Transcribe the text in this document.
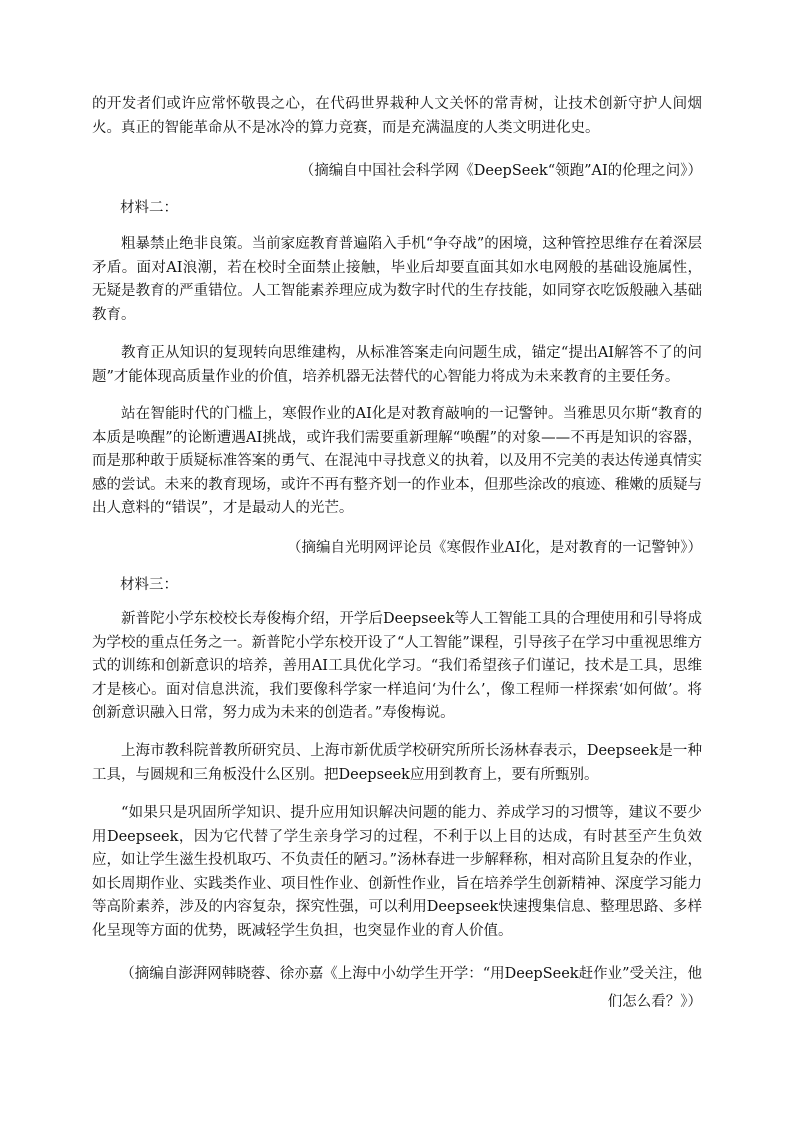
的开发者们或许应常怀敬畏之心，在代码世界栽种人文关怀的常青树，让技术创新守护人间烟火。真正的智能革命从不是冰冷的算力竞赛，而是充满温度的人类文明进化史。

（摘编自中国社会科学网《DeepSeek“领跑”AI的伦理之问》）
材料二：

粗暴禁止绝非良策。当前家庭教育普遍陷入手机“争夺战”的困境，这种管控思维存在着深层矛盾。面对AI浪潮，若在校时全面禁止接触，毕业后却要直面其如水电网般的基础设施属性，无疑是教育的严重错位。人工智能素养理应成为数字时代的生存技能，如同穿衣吃饭般融入基础教育。

教育正从知识的复现转向思维建构，从标准答案走向问题生成，锚定“提出AI解答不了的问题”才能体现高质量作业的价值，培养机器无法替代的心智能力将成为未来教育的主要任务。

站在智能时代的门槛上，寒假作业的AI化是对教育敲响的一记警钟。当雅思贝尔斯“教育的本质是唤醒”的论断遭遇AI挑战，或许我们需要重新理解“唤醒”的对象——不再是知识的容器，而是那种敢于质疑标准答案的勇气、在混沌中寻找意义的执着，以及用不完美的表达传递真情实感的尝试。未来的教育现场，或许不再有整齐划一的作业本，但那些涂改的痕迹、稚嫩的质疑与出人意料的“错误”，才是最动人的光芒。

（摘编自光明网评论员《寒假作业AI化，是对教育的一记警钟》）
材料三：

新普陀小学东校校长寿俊梅介绍，开学后Deepseek等人工智能工具的合理使用和引导将成为学校的重点任务之一。新普陀小学东校开设了“人工智能”课程，引导孩子在学习中重视思维方式的训练和创新意识的培养，善用AI工具优化学习。“我们希望孩子们谨记，技术是工具，思维才是核心。面对信息洪流，我们要像科学家一样追问‘为什么’，像工程师一样探索‘如何做’。将创新意识融入日常，努力成为未来的创造者。”寿俊梅说。

上海市教科院普教所研究员、上海市新优质学校研究所所长汤林春表示，Deepseek是一种工具，与圆规和三角板没什么区别。把Deepseek应用到教育上，要有所甄别。

“如果只是巩固所学知识、提升应用知识解决问题的能力、养成学习的习惯等，建议不要少用Deepseek，因为它代替了学生亲身学习的过程，不利于以上目的达成，有时甚至产生负效应，如让学生滋生投机取巧、不负责任的陋习。”汤林春进一步解释称，相对高阶且复杂的作业，如长周期作业、实践类作业、项目性作业、创新性作业，旨在培养学生创新精神、深度学习能力等高阶素养，涉及的内容复杂，探究性强，可以利用Deepseek快速搜集信息、整理思路、多样化呈现等方面的优势，既减轻学生负担，也突显作业的育人价值。

（摘编自澎湃网韩晓蓉、徐亦嘉《上海中小幼学生开学：“用DeepSeek赶作业”受关注，他们怎么看？》）
